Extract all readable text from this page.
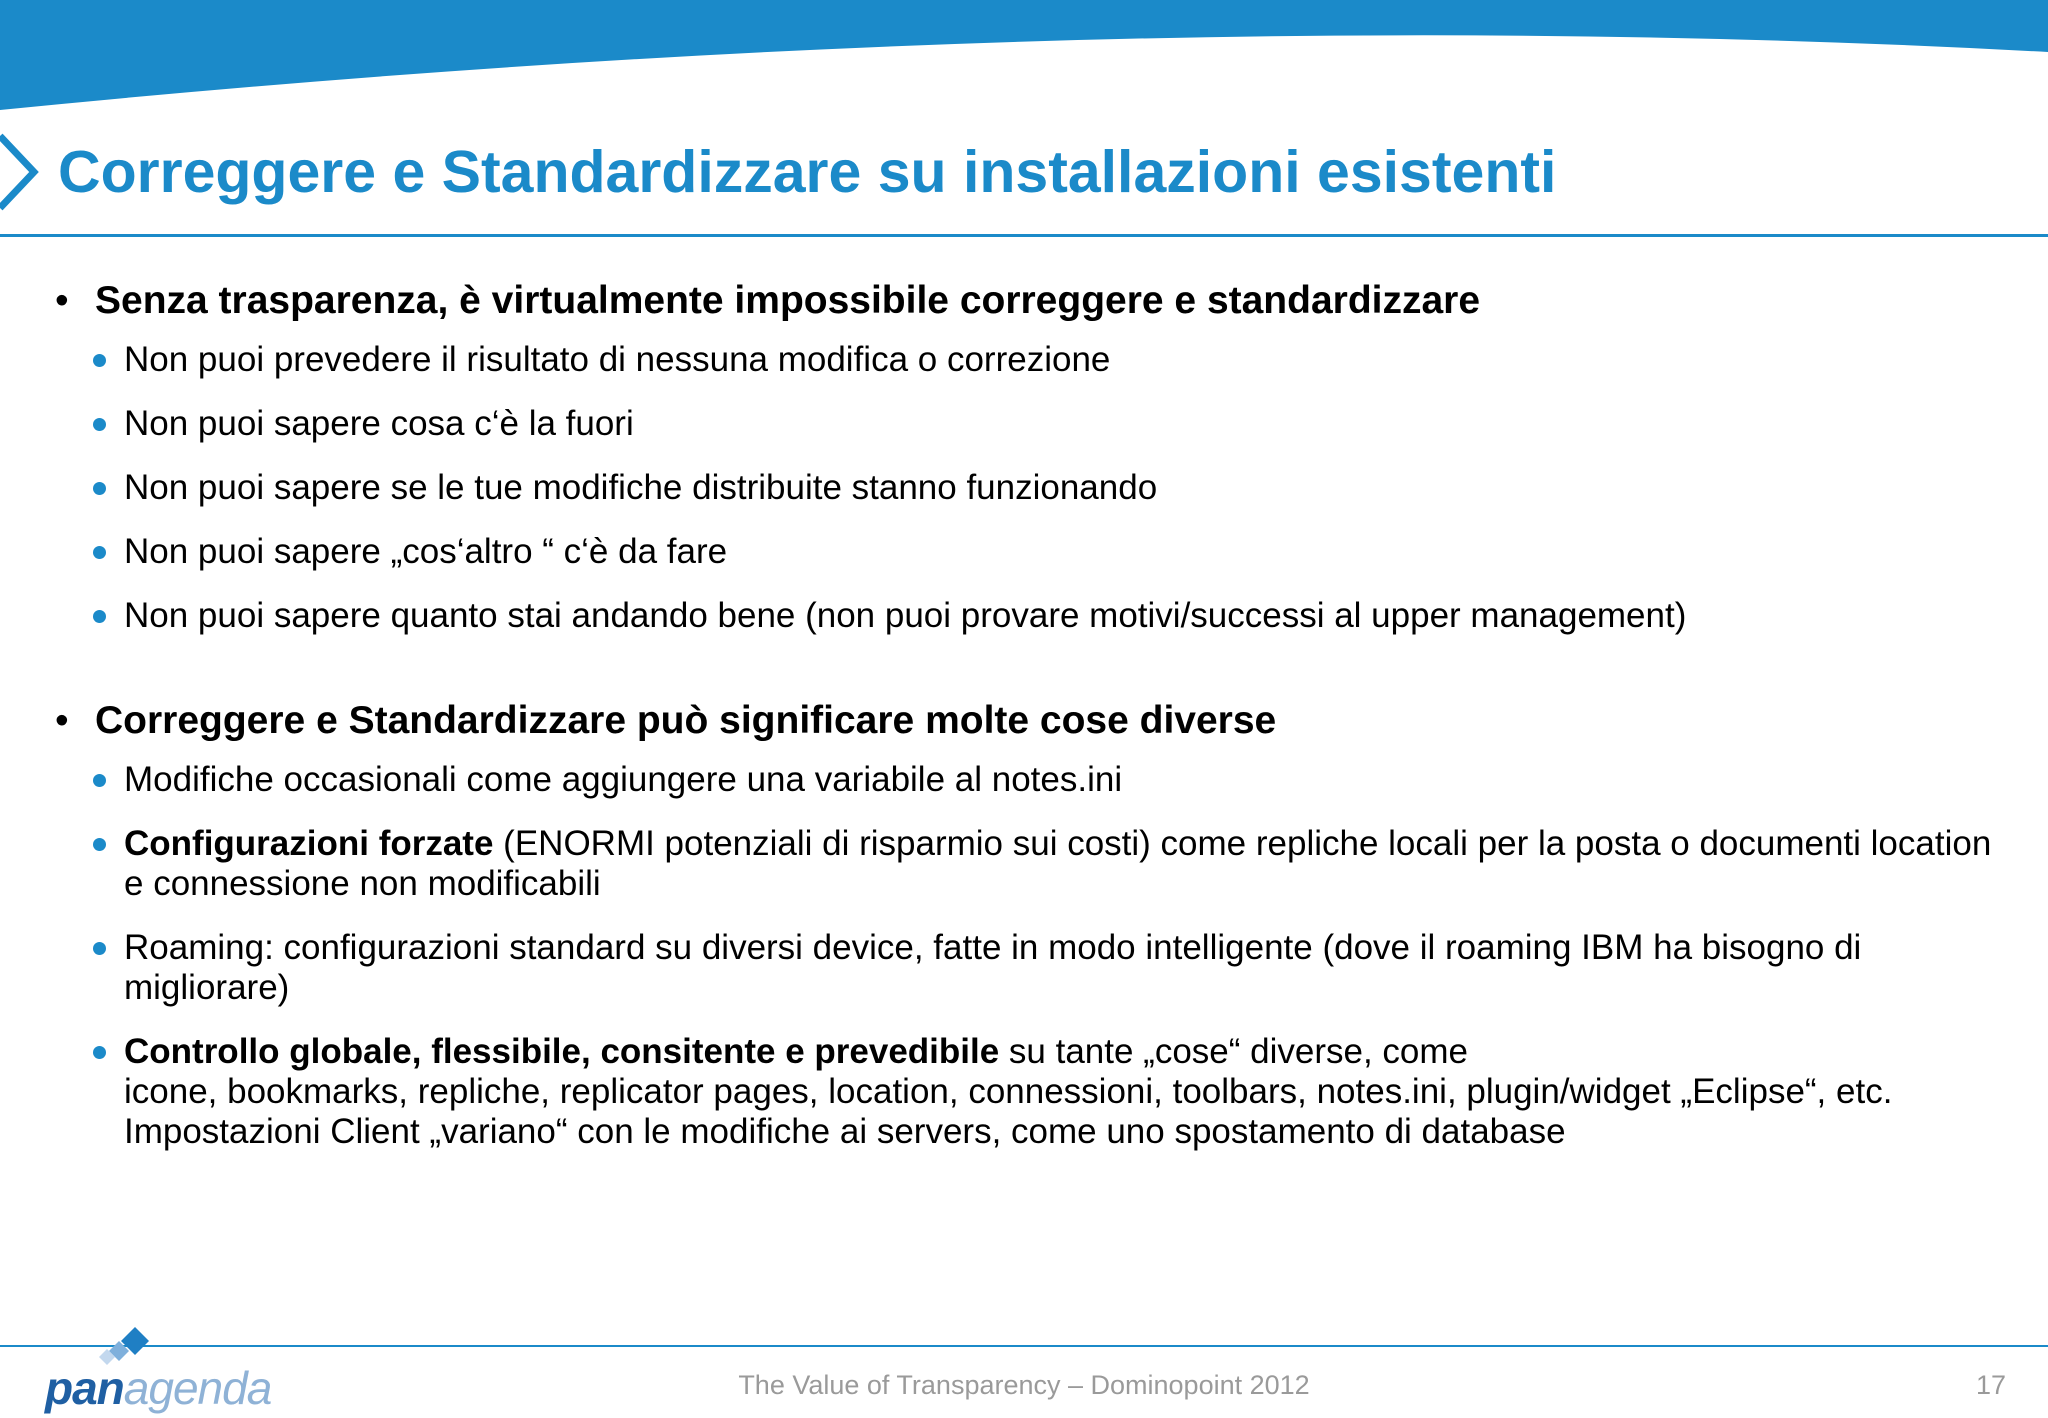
Correggere e Standardizzare su installazioni esistenti
• Senza trasparenza, è virtualmente impossibile correggere e standardizzare
Non puoi prevedere il risultato di nessuna modifica o correzione
Non puoi sapere cosa c‘è la fuori
Non puoi sapere se le tue modifiche distribuite stanno funzionando
Non puoi sapere „cos‘altro “ c‘è da fare
Non puoi sapere quanto stai andando bene (non puoi provare motivi/successi al upper management)
• Correggere e Standardizzare può significare molte cose diverse
Modifiche occasionali come aggiungere una variabile al notes.ini
Configurazioni forzate (ENORMI potenziali di risparmio sui costi) come repliche locali per la posta o documenti location e connessione non modificabili
Roaming: configurazioni standard su diversi device, fatte in modo intelligente (dove il roaming IBM ha bisogno di migliorare)
Controllo globale, flessibile, consitente e prevedibile su tante „cose“ diverse, come
icone, bookmarks, repliche, replicator pages, location, connessioni, toolbars, notes.ini, plugin/widget „Eclipse“, etc.
Impostazioni Client „variano“ con le modifiche ai servers, come uno spostamento di database
panagenda	The Value of Transparency – Dominopoint 2012	17
